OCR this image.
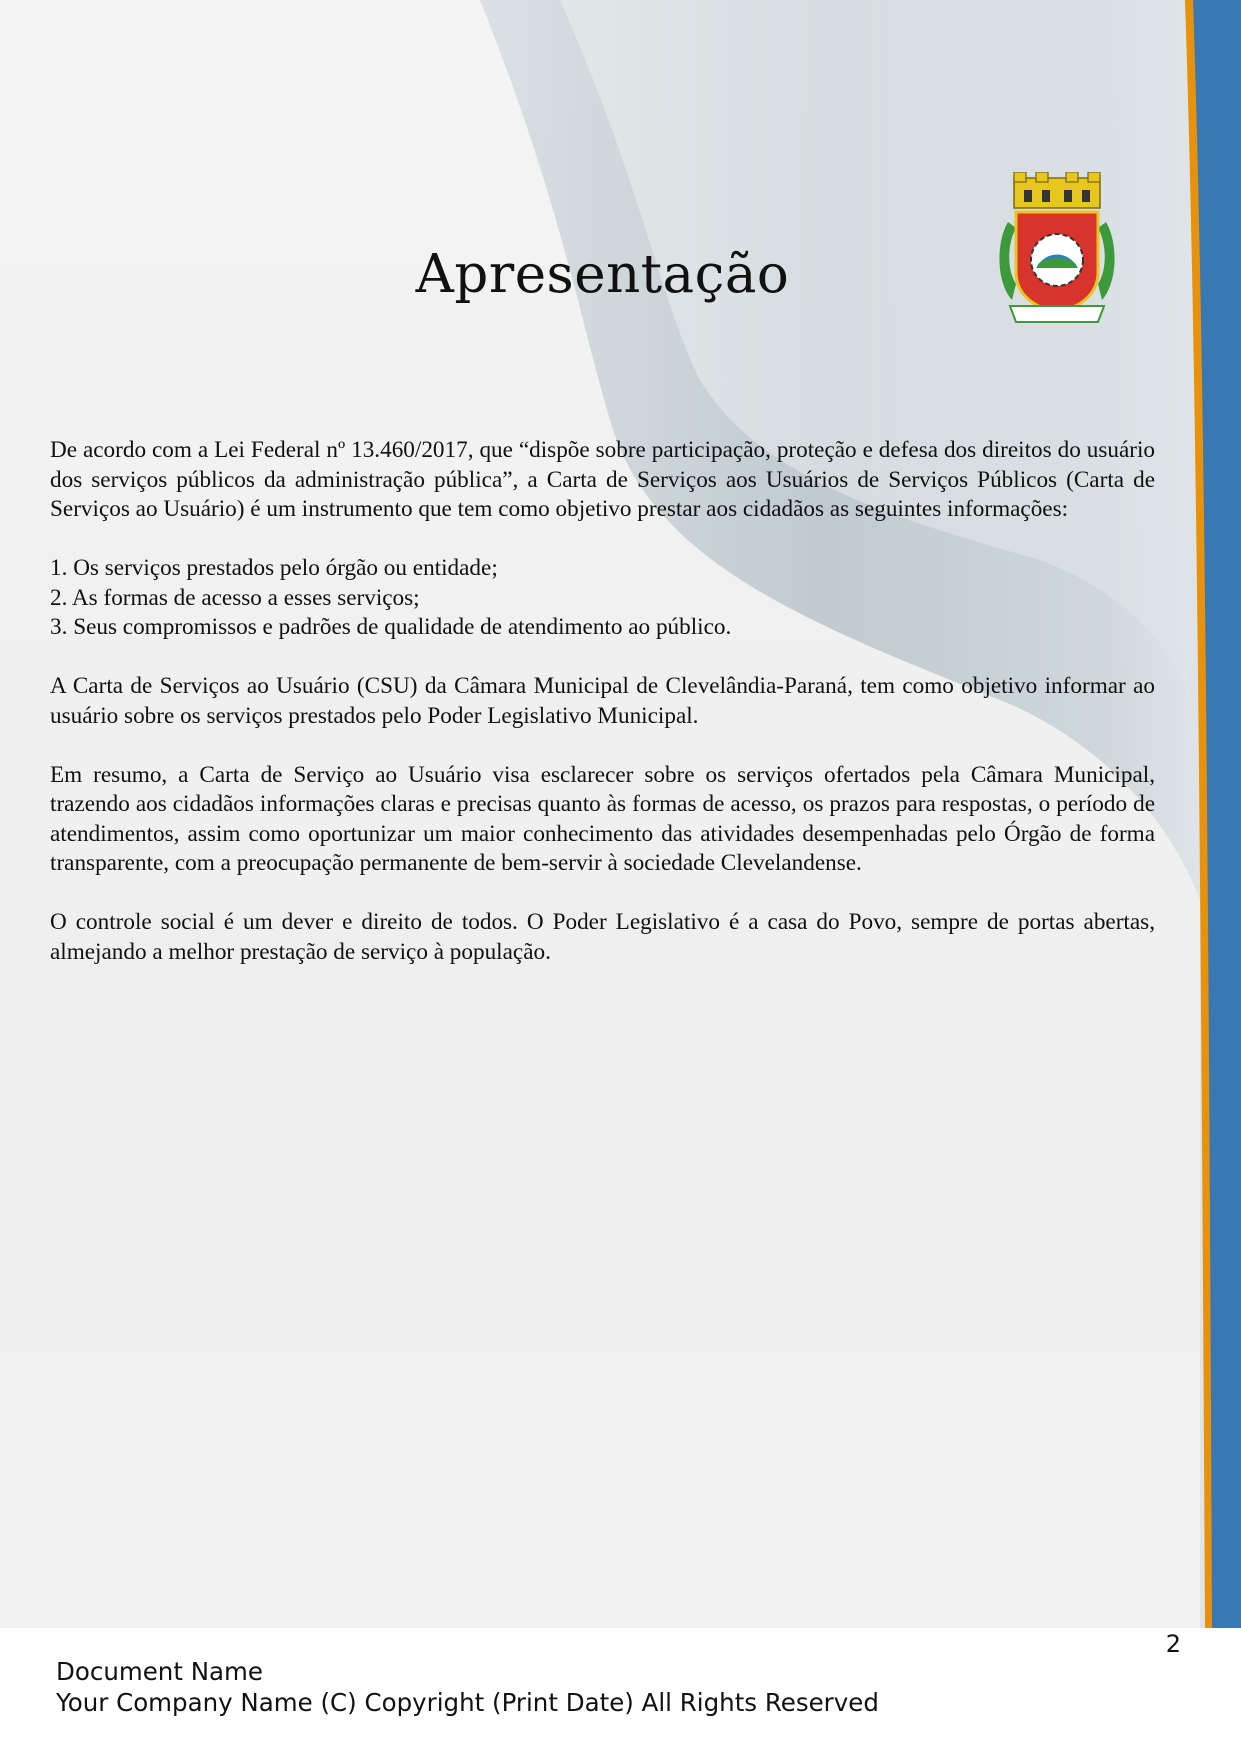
Apresentação

De acordo com a Lei Federal nº 13.460/2017, que “dispõe sobre participação, proteção e defesa dos direitos do usuário dos serviços públicos da administração pública”, a Carta de Serviços aos Usuários de Serviços Públicos (Carta de Serviços ao Usuário) é um instrumento que tem como objetivo prestar aos cidadãos as seguintes informações:

1. Os serviços prestados pelo órgão ou entidade;
2. As formas de acesso a esses serviços;
3. Seus compromissos e padrões de qualidade de atendimento ao público.

A Carta de Serviços ao Usuário (CSU) da Câmara Municipal de Clevelândia-Paraná, tem como objetivo informar ao usuário sobre os serviços prestados pelo Poder Legislativo Municipal.

Em resumo, a Carta de Serviço ao Usuário visa esclarecer sobre os serviços ofertados pela Câmara Municipal, trazendo aos cidadãos informações claras e precisas quanto às formas de acesso, os prazos para respostas, o período de atendimentos, assim como oportunizar um maior conhecimento das atividades desempenhadas pelo Órgão de forma transparente, com a preocupação permanente de bem-servir à sociedade Clevelandense.

O controle social é um dever e direito de todos. O Poder Legislativo é a casa do Povo, sempre de portas abertas, almejando a melhor prestação de serviço à população.

2
Document Name
Your Company Name (C) Copyright (Print Date) All Rights Reserved
